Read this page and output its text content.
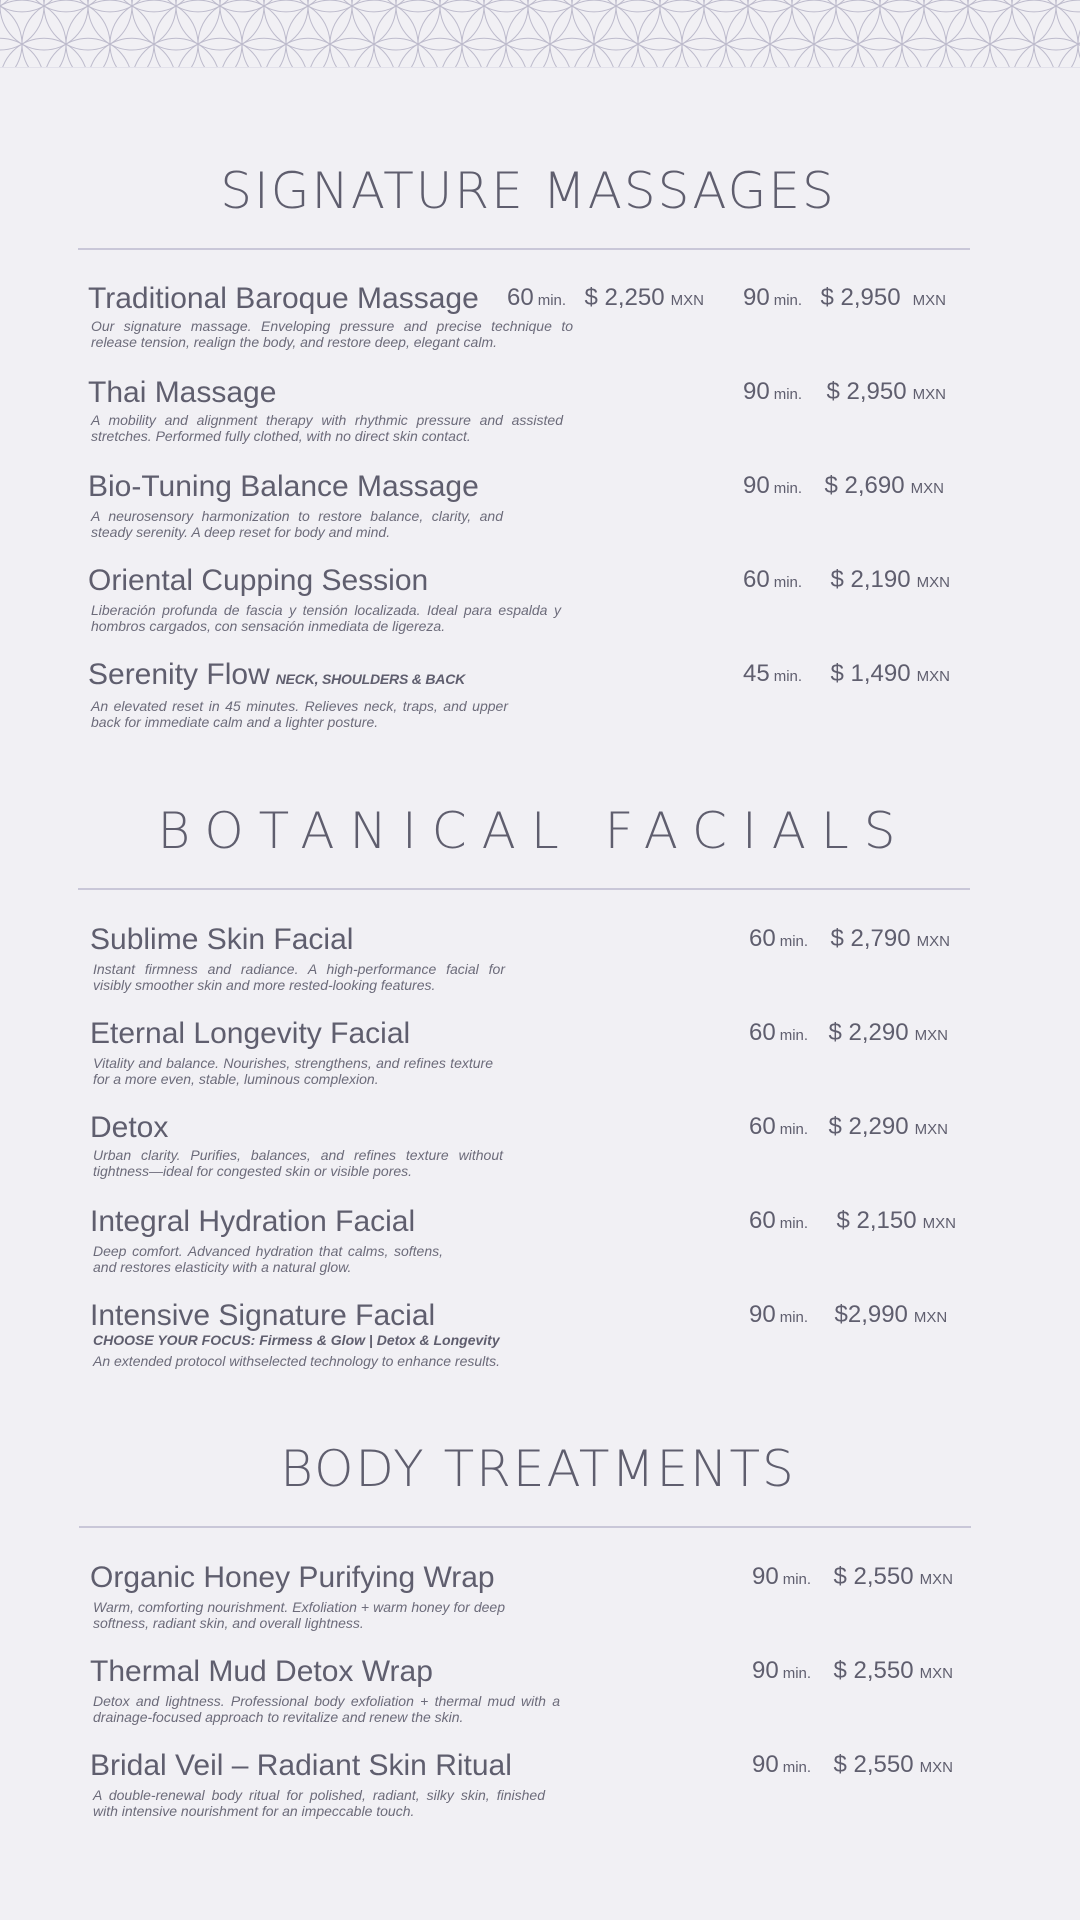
SIGNATURE MASSAGES
Traditional Baroque Massage
Our signature massage. Enveloping pressure and precise technique to release tension, realign the body, and restore deep, elegant calm.
60 min. $ 2,250 MXN 90 min. $ 2,950 MXN
Thai Massage
A mobility and alignment therapy with rhythmic pressure and assisted stretches. Performed fully clothed, with no direct skin contact.
90 min. $ 2,950 MXN
Bio-Tuning Balance Massage
A neurosensory harmonization to restore balance, clarity, and steady serenity. A deep reset for body and mind.
90 min. $ 2,690 MXN
Oriental Cupping Session
Liberación profunda de fascia y tensión localizada. Ideal para espalda y hombros cargados, con sensación inmediata de ligereza.
60 min. $ 2,190 MXN
Serenity Flow NECK, SHOULDERS & BACK
An elevated reset in 45 minutes. Relieves neck, traps, and upper back for immediate calm and a lighter posture.
45 min. $ 1,490 MXN
BOTANICAL FACIALS
Sublime Skin Facial
Instant firmness and radiance. A high-performance facial for visibly smoother skin and more rested-looking features.
60 min. $ 2,790 MXN
Eternal Longevity Facial
Vitality and balance. Nourishes, strengthens, and refines texture for a more even, stable, luminous complexion.
60 min. $ 2,290 MXN
Detox
Urban clarity. Purifies, balances, and refines texture without tightness—ideal for congested skin or visible pores.
60 min. $ 2,290 MXN
Integral Hydration Facial
Deep comfort. Advanced hydration that calms, softens, and restores elasticity with a natural glow.
60 min. $ 2,150 MXN
Intensive Signature Facial
CHOOSE YOUR FOCUS: Firmess & Glow | Detox & Longevity
An extended protocol withselected technology to enhance results.
90 min. $2,990 MXN
BODY TREATMENTS
Organic Honey Purifying Wrap
Warm, comforting nourishment. Exfoliation + warm honey for deep softness, radiant skin, and overall lightness.
90 min. $ 2,550 MXN
Thermal Mud Detox Wrap
Detox and lightness. Professional body exfoliation + thermal mud with a drainage-focused approach to revitalize and renew the skin.
90 min. $ 2,550 MXN
Bridal Veil – Radiant Skin Ritual
A double-renewal body ritual for polished, radiant, silky skin, finished with intensive nourishment for an impeccable touch.
90 min. $ 2,550 MXN
